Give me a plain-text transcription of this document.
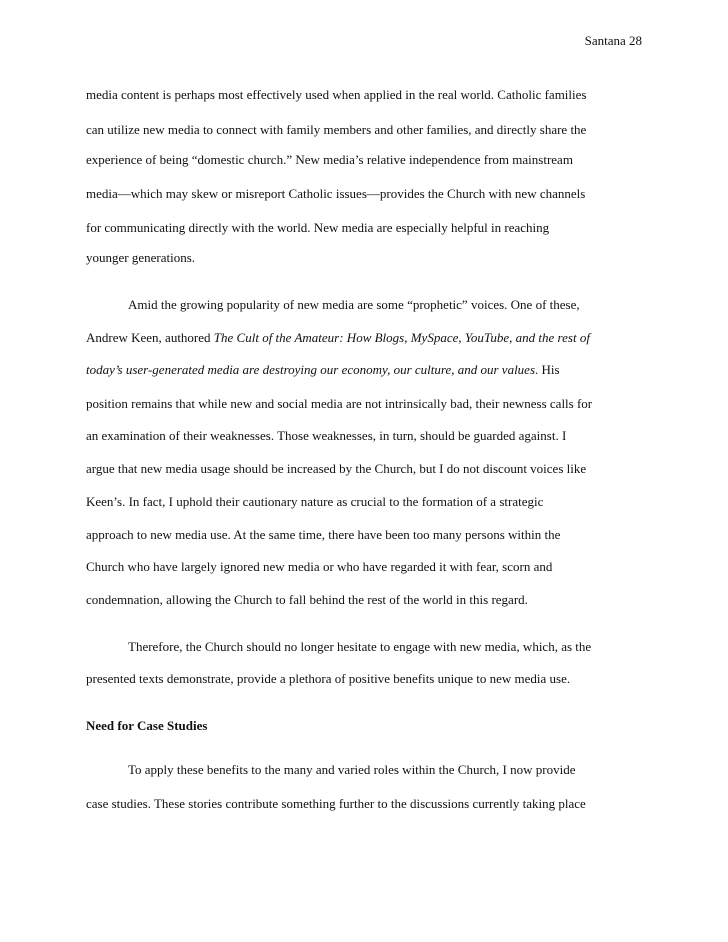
Santana 28
media content is perhaps most effectively used when applied in the real world. Catholic families
can utilize new media to connect with family members and other families, and directly share the
experience of being “domestic church.” New media’s relative independence from mainstream
media—which may skew or misreport Catholic issues—provides the Church with new channels
for communicating directly with the world. New media are especially helpful in reaching
younger generations.
Amid the growing popularity of new media are some “prophetic” voices. One of these,
Andrew Keen, authored The Cult of the Amateur: How Blogs, MySpace, YouTube, and the rest of
today’s user-generated media are destroying our economy, our culture, and our values. His
position remains that while new and social media are not intrinsically bad, their newness calls for
an examination of their weaknesses. Those weaknesses, in turn, should be guarded against. I
argue that new media usage should be increased by the Church, but I do not discount voices like
Keen’s. In fact, I uphold their cautionary nature as crucial to the formation of a strategic
approach to new media use. At the same time, there have been too many persons within the
Church who have largely ignored new media or who have regarded it with fear, scorn and
condemnation, allowing the Church to fall behind the rest of the world in this regard.
Therefore, the Church should no longer hesitate to engage with new media, which, as the
presented texts demonstrate, provide a plethora of positive benefits unique to new media use.
Need for Case Studies
To apply these benefits to the many and varied roles within the Church, I now provide
case studies. These stories contribute something further to the discussions currently taking place
